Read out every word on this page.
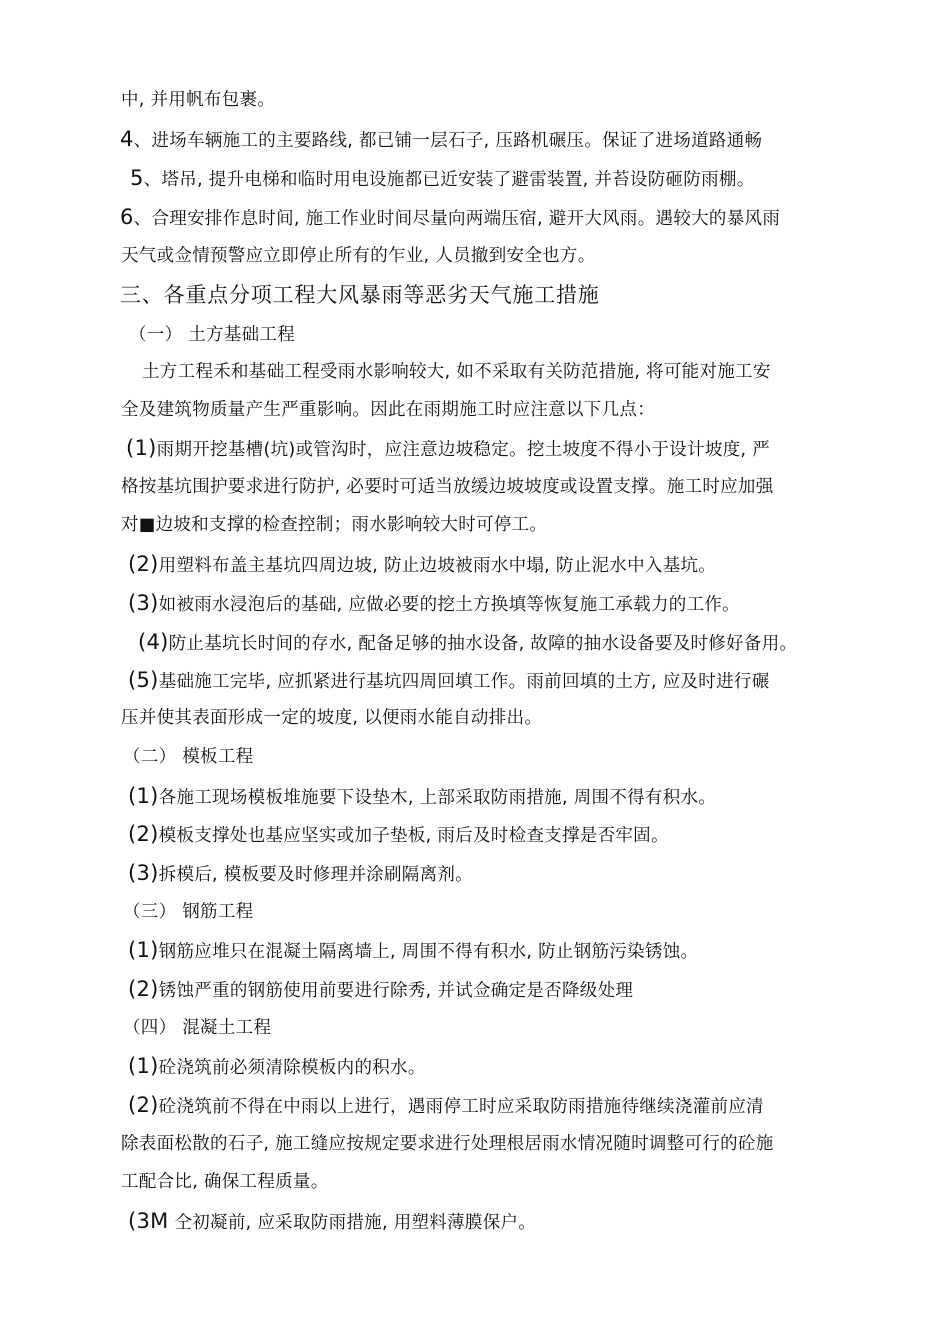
中, 并用帆布包裹。
4、进场车辆施工的主要路线, 都已铺一层石子, 压路机碾压。保证了进场道路通畅
5、塔吊, 提升电梯和临时用电设施都已近安装了避雷装置, 并苔设防砸防雨棚。
6、合理安排作息时间, 施工作业时间尽量向两端压宿, 避开大风雨。遇较大的暴风雨
天气或佥情预警应立即停止所有的乍业, 人员撤到安全也方。
三、各重点分项工程大风暴雨等恶劣天气施工措施
（一） 土方基础工程
土方工程禾和基础工程受雨水影响较大, 如不采取有关防范措施, 将可能对施工安
全及建筑物质量产生严重影响。因此在雨期施工时应注意以下几点：
(1)雨期开挖基槽(坑)或管沟时，应注意边坡稳定。挖土坡度不得小于设计坡度, 严
格按基坑围护要求进行防护, 必要时可适当放缓边坡坡度或设置支撑。施工时应加强
对■边坡和支撑的检查控制；雨水影响较大时可停工。
(2)用塑料布盖主基坑四周边坡, 防止边坡被雨水中塌, 防止泥水中入基坑。
(3)如被雨水浸泡后的基础, 应做必要的挖土方换填等恢复施工承载力的工作。
(4)防止基坑长时间的存水, 配备足够的抽水设备, 故障的抽水设备要及时修好备用。
(5)基础施工完毕, 应抓紧进行基坑四周回填工作。雨前回填的土方, 应及时进行碾
压并使其表面形成一定的坡度, 以便雨水能自动排出。
（二） 模板工程
(1)各施工现场模板堆施要下设垫木, 上部采取防雨措施, 周围不得有积水。
(2)模板支撑处也基应坚实或加子垫板, 雨后及时检查支撑是否牢固。
(3)拆模后, 模板要及时修理并涂刷隔离剂。
（三） 钢筋工程
(1)钢筋应堆只在混凝土隔离墙上, 周围不得有积水, 防止钢筋污染锈蚀。
(2)锈蚀严重的钢筋使用前要进行除秀, 并试佥确定是否降级处理
（四） 混凝土工程
(1)砼浇筑前必须清除模板内的积水。
(2)砼浇筑前不得在中雨以上进行，遇雨停工时应采取防雨措施待继续浇灌前应清
除表面松散的石子, 施工缝应按规定要求进行处理根居雨水情况随时调整可行的砼施
工配合比, 确保工程质量。
(3M 仝初凝前, 应采取防雨措施, 用塑料薄膜保户。
